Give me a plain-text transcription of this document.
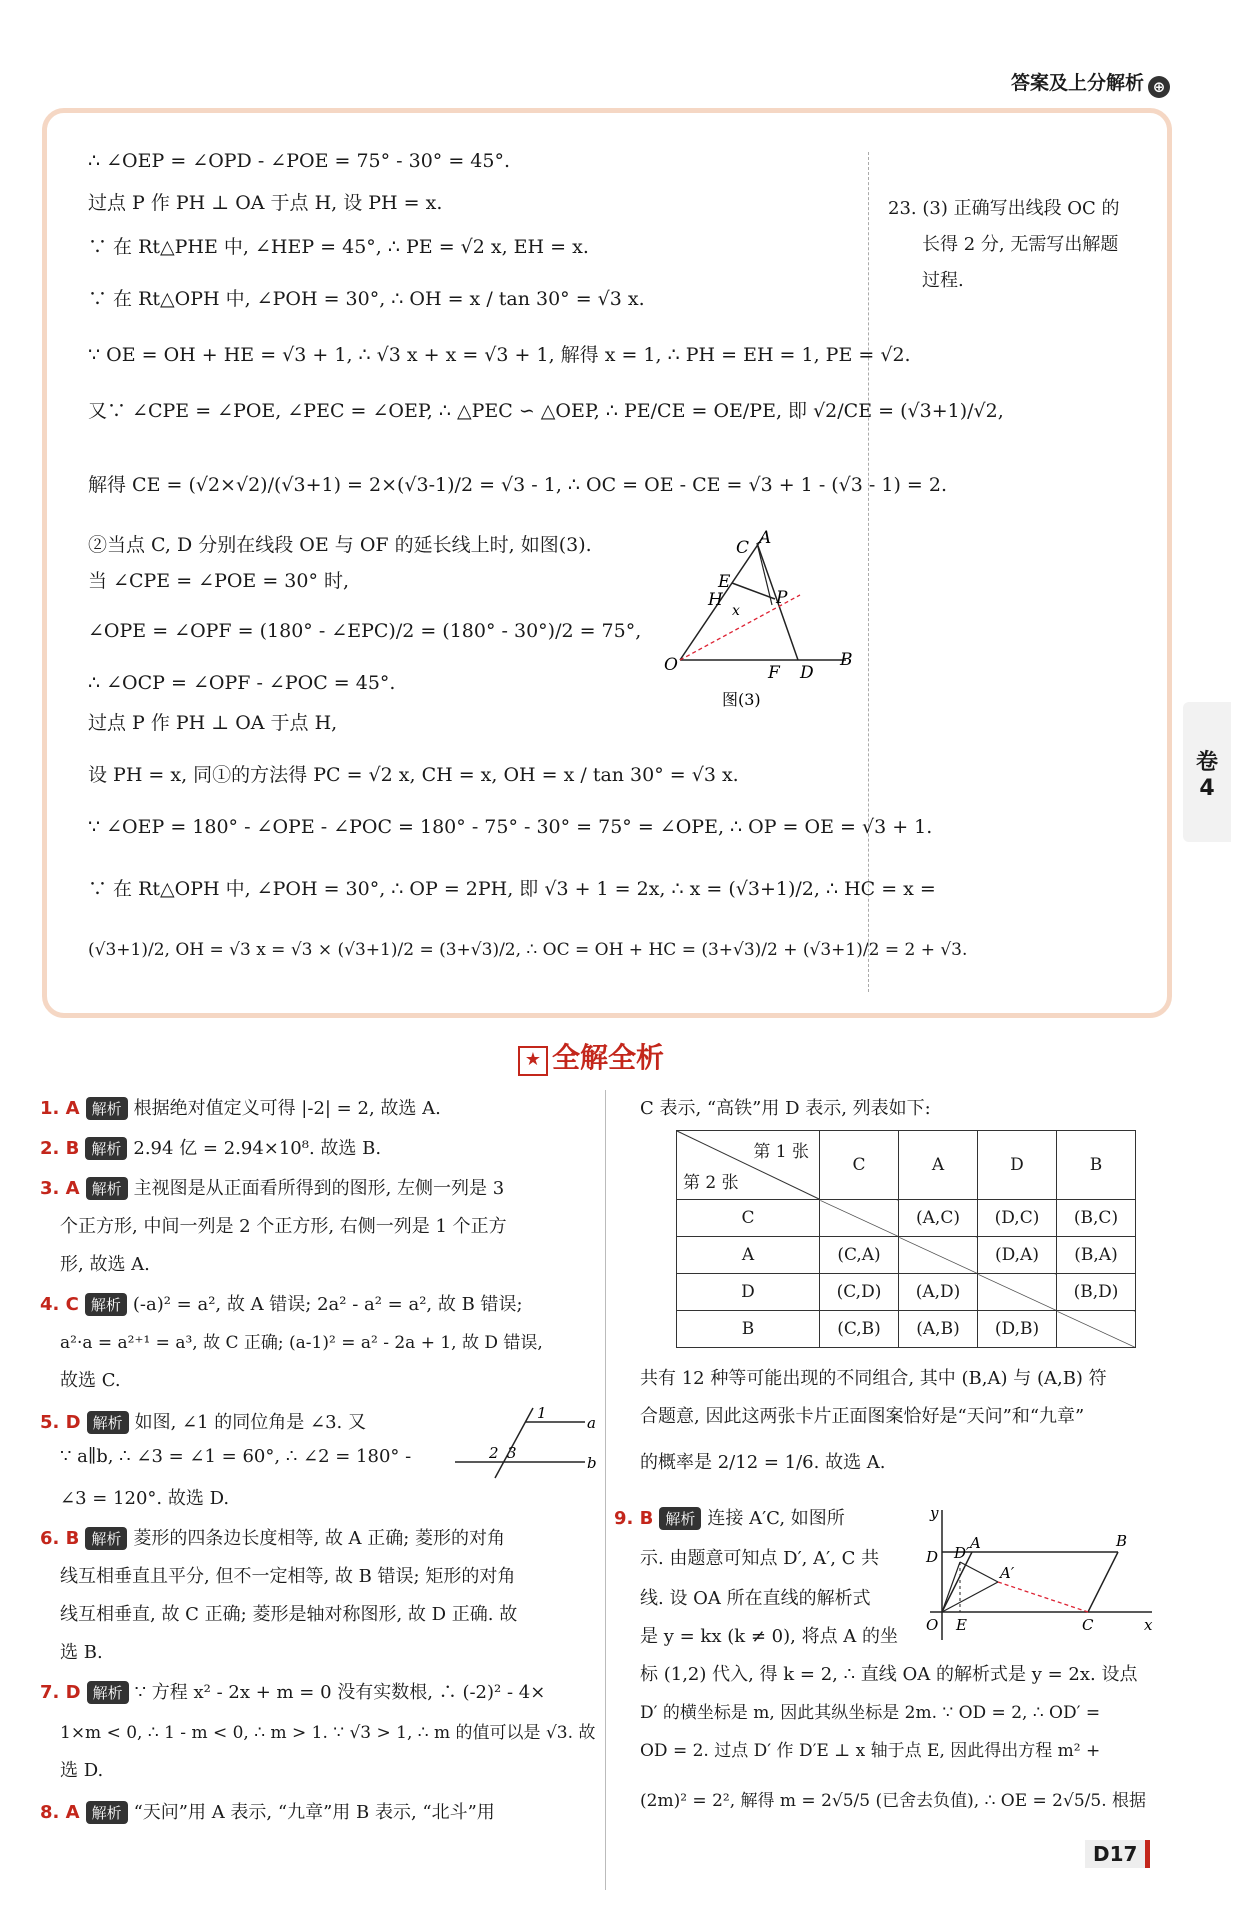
答案及上分解析 ⊕
∴ ∠OEP = ∠OPD - ∠POE = 75° - 30° = 45°.
过点 P 作 PH ⊥ OA 于点 H, 设 PH = x.
∵ 在 Rt△PHE 中, ∠HEP = 45°, ∴ PE = √2 x, EH = x.
∵ 在 Rt△OPH 中, ∠POH = 30°, ∴ OH = x / tan 30° = √3 x.
∵ OE = OH + HE = √3 + 1, ∴ √3 x + x = √3 + 1, 解得 x = 1, ∴ PH = EH = 1, PE = √2.
又∵ ∠CPE = ∠POE, ∠PEC = ∠OEP, ∴ △PEC ∽ △OEP, ∴ PE/CE = OE/PE, 即 √2/CE = (√3+1)/√2,
解得 CE = (√2×√2)/(√3+1) = 2×(√3-1)/2 = √3 - 1, ∴ OC = OE - CE = √3 + 1 - (√3 - 1) = 2.
②当点 C, D 分别在线段 OE 与 OF 的延长线上时, 如图(3).
当 ∠CPE = ∠POE = 30° 时,
∠OPE = ∠OPF = (180° - ∠EPC)/2 = (180° - 30°)/2 = 75°,
∴ ∠OCP = ∠OPF - ∠POC = 45°.
过点 P 作 PH ⊥ OA 于点 H,
设 PH = x, 同①的方法得 PC = √2 x, CH = x, OH = x / tan 30° = √3 x.
∵ ∠OEP = 180° - ∠OPE - ∠POC = 180° - 75° - 30° = 75° = ∠OPE, ∴ OP = OE = √3 + 1.
∵ 在 Rt△OPH 中, ∠POH = 30°, ∴ OP = 2PH, 即 √3 + 1 = 2x, ∴ x = (√3+1)/2, ∴ HC = x =
(√3+1)/2, OH = √3 x = √3 × (√3+1)/2 = (3+√3)/2, ∴ OC = OH + HC = (3+√3)/2 + (√3+1)/2 = 2 + √3.
23. (3) 正确写出线段 OC 的
长得 2 分, 无需写出解题
过程.
C A
E
H
x
P
O	F D
B
图(3)
卷
4
★ 全解全析
1. A 解析 根据绝对值定义可得 |-2| = 2, 故选 A.
2. B 解析 2.94 亿 = 2.94×10⁸. 故选 B.
3. A 解析 主视图是从正面看所得到的图形, 左侧一列是 3
个正方形, 中间一列是 2 个正方形, 右侧一列是 1 个正方
形, 故选 A.
4. C 解析 (-a)² = a², 故 A 错误; 2a² - a² = a², 故 B 错误;
a²·a = a²⁺¹ = a³, 故 C 正确; (a-1)² = a² - 2a + 1, 故 D 错误,
故选 C.
5. D 解析 如图, ∠1 的同位角是 ∠3. 又
∵ a∥b, ∴ ∠3 = ∠1 = 60°, ∴ ∠2 = 180° -
∠3 = 120°. 故选 D.
1
a
2 3
b
6. B 解析 菱形的四条边长度相等, 故 A 正确; 菱形的对角
线互相垂直且平分, 但不一定相等, 故 B 错误; 矩形的对角
线互相垂直, 故 C 正确; 菱形是轴对称图形, 故 D 正确. 故
选 B.
7. D 解析 ∵ 方程 x² - 2x + m = 0 没有实数根, ∴ (-2)² - 4×
1×m < 0, ∴ 1 - m < 0, ∴ m > 1. ∵ √3 > 1, ∴ m 的值可以是 √3. 故
选 D.
8. A 解析 “天问”用 A 表示, “九章”用 B 表示, “北斗”用
C 表示, “高铁”用 D 表示, 列表如下:
第 1 张
第 2 张	C	A	D	B
C		(A,C)	(D,C)	(B,C)
A	(C,A)		(D,A)	(B,A)
D	(C,D)	(A,D)		(B,D)
B	(C,B)	(A,B)	(D,B)	
共有 12 种等可能出现的不同组合, 其中 (B,A) 与 (A,B) 符
合题意, 因此这两张卡片正面图案恰好是“天问”和“九章”
的概率是 2/12 = 1/6. 故选 A.
9. B 解析 连接 A′C, 如图所
示. 由题意可知点 D′, A′, C 共
线. 设 OA 所在直线的解析式
是 y = kx (k ≠ 0), 将点 A 的坐
标 (1,2) 代入, 得 k = 2, ∴ 直线 OA 的解析式是 y = 2x. 设点
D′ 的横坐标是 m, 因此其纵坐标是 2m. ∵ OD = 2, ∴ OD′ =
OD = 2. 过点 D′ 作 D′E ⊥ x 轴于点 E, 因此得出方程 m² +
(2m)² = 2², 解得 m = 2√5/5 (已舍去负值), ∴ OE = 2√5/5. 根据
y
D D′
A
A′
B
O E	C	x
D17
